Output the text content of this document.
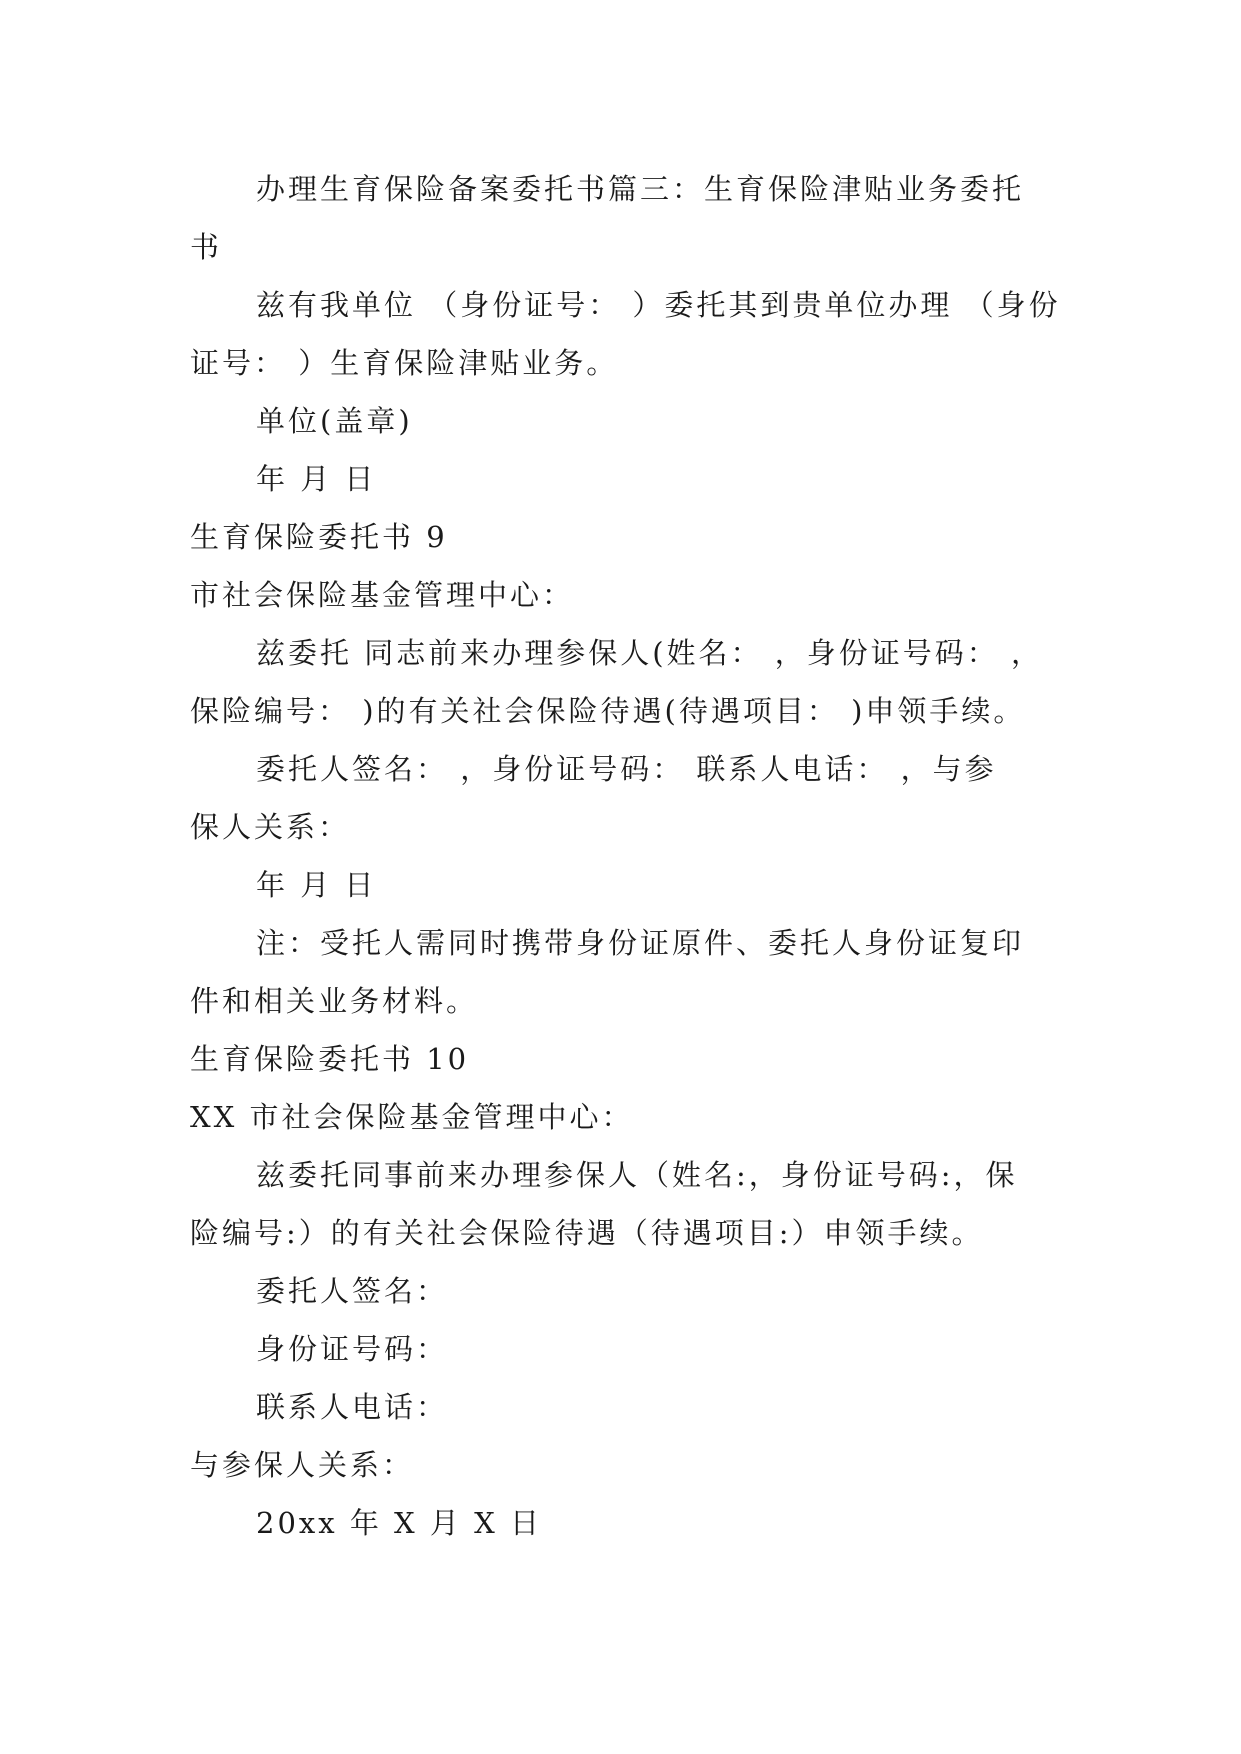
办理生育保险备案委托书篇三：生育保险津贴业务委托
书
兹有我单位 （身份证号： ）委托其到贵单位办理 （身份
证号： ）生育保险津贴业务。
单位(盖章)
年 月 日
生育保险委托书 9
市社会保险基金管理中心：
兹委托 同志前来办理参保人(姓名： ，身份证号码： ，
保险编号： )的有关社会保险待遇(待遇项目： )申领手续。
委托人签名： ，身份证号码： 联系人电话： ，与参
保人关系：
年 月 日
注：受托人需同时携带身份证原件、委托人身份证复印
件和相关业务材料。
生育保险委托书 10
XX 市社会保险基金管理中心：
兹委托同事前来办理参保人（姓名:，身份证号码:，保
险编号:）的有关社会保险待遇（待遇项目:）申领手续。
委托人签名：
身份证号码：
联系人电话：
与参保人关系：
20xx 年 X 月 X 日
